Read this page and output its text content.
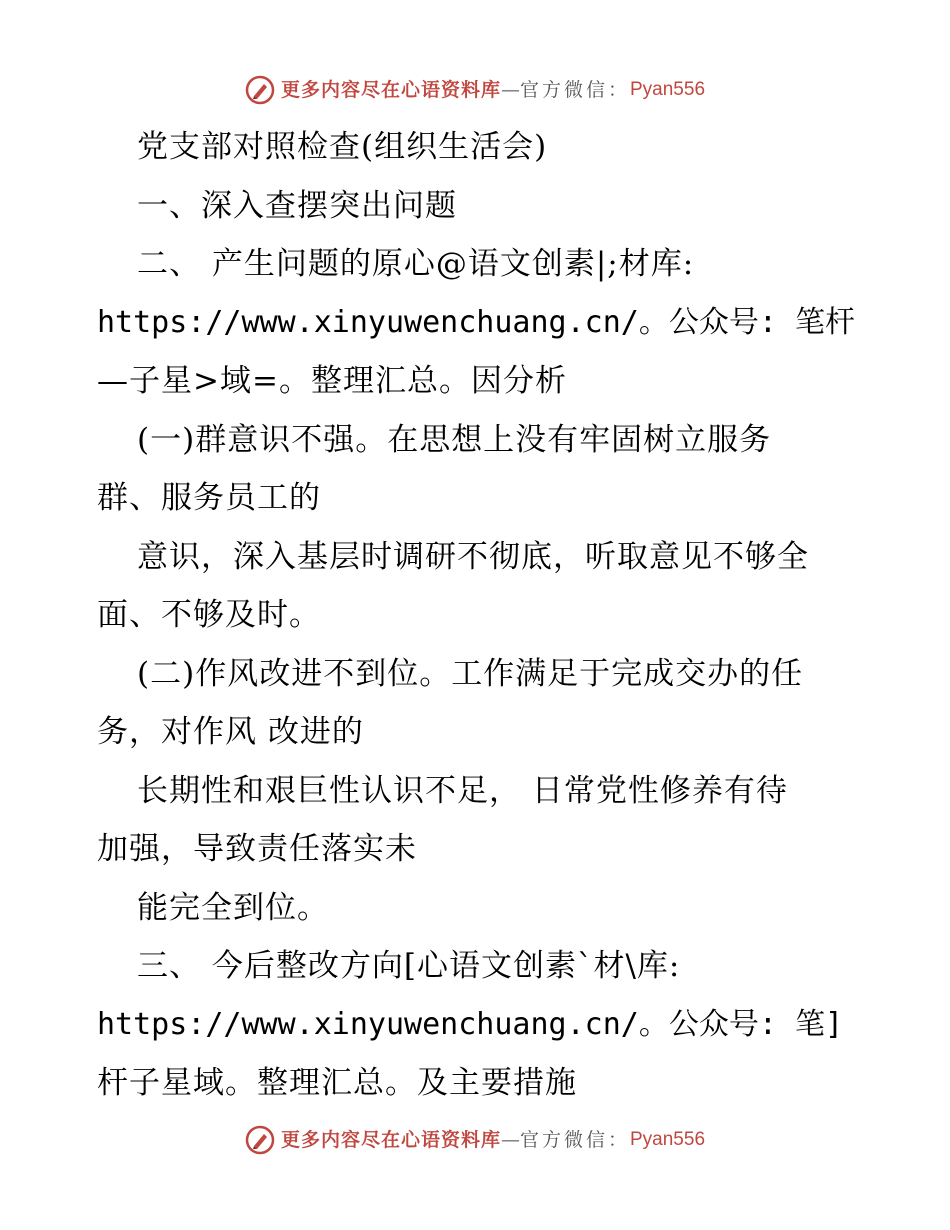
更多内容尽在心语资料库 — 官方微信： Pyan556
党支部对照检查(组织生活会)
一、深入查摆突出问题
二、 产生问题的原心@语文创素|;材库:
https://www.xinyuwenchuang.cn/。公众号: 笔杆
—子星>域=。整理汇总。因分析
(一)群意识不强。在思想上没有牢固树立服务
群、服务员工的
意识，深入基层时调研不彻底，听取意见不够全
面、不够及时。
(二)作风改进不到位。工作满足于完成交办的任
务，对作风 改进的
长期性和艰巨性认识不足， 日常党性修养有待
加强，导致责任落实未
能完全到位。
三、 今后整改方向[心语文创素`材\库:
https://www.xinyuwenchuang.cn/。公众号: 笔]
杆子星域。整理汇总。及主要措施
更多内容尽在心语资料库 — 官方微信： Pyan556
